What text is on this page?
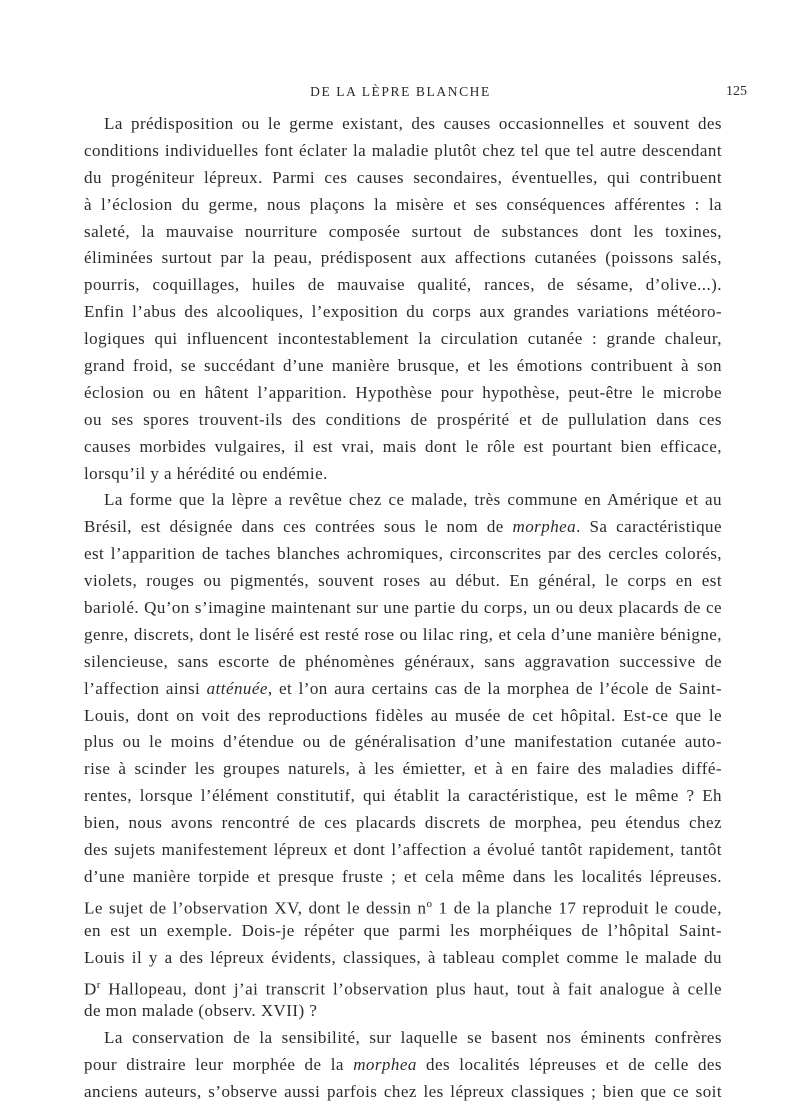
DE LA LÈPRE BLANCHE	125
La prédisposition ou le germe existant, des causes occasionnelles et souvent des
conditions individuelles font éclater la maladie plutôt chez tel que tel autre descendant
du progéniteur lépreux. Parmi ces causes secondaires, éventuelles, qui contribuent
à l’éclosion du germe, nous plaçons la misère et ses conséquences afférentes : la
saleté, la mauvaise nourriture composée surtout de substances dont les toxines,
éliminées surtout par la peau, prédisposent aux affections cutanées (poissons salés,
pourris, coquillages, huiles de mauvaise qualité, rances, de sésame, d’olive...).
Enfin l’abus des alcooliques, l’exposition du corps aux grandes variations météoro-
logiques qui influencent incontestablement la circulation cutanée : grande chaleur,
grand froid, se succédant d’une manière brusque, et les émotions contribuent à son
éclosion ou en hâtent l’apparition. Hypothèse pour hypothèse, peut-être le microbe
ou ses spores trouvent-ils des conditions de prospérité et de pullulation dans ces
causes morbides vulgaires, il est vrai, mais dont le rôle est pourtant bien efficace,
lorsqu’il y a hérédité ou endémie.
La forme que la lèpre a revêtue chez ce malade, très commune en Amérique et au
Brésil, est désignée dans ces contrées sous le nom de morphea. Sa caractéristique
est l’apparition de taches blanches achromiques, circonscrites par des cercles colorés,
violets, rouges ou pigmentés, souvent roses au début. En général, le corps en est
bariolé. Qu’on s’imagine maintenant sur une partie du corps, un ou deux placards de ce
genre, discrets, dont le liséré est resté rose ou lilac ring, et cela d’une manière bénigne,
silencieuse, sans escorte de phénomènes généraux, sans aggravation successive de
l’affection ainsi atténuée, et l’on aura certains cas de la morphea de l’école de Saint-
Louis, dont on voit des reproductions fidèles au musée de cet hôpital. Est-ce que le
plus ou le moins d’étendue ou de généralisation d’une manifestation cutanée auto-
rise à scinder les groupes naturels, à les émietter, et à en faire des maladies diffé-
rentes, lorsque l’élément constitutif, qui établit la caractéristique, est le même ? Eh
bien, nous avons rencontré de ces placards discrets de morphea, peu étendus chez
des sujets manifestement lépreux et dont l’affection a évolué tantôt rapidement, tantôt
d’une manière torpide et presque fruste ; et cela même dans les localités lépreuses.
Le sujet de l’observation XV, dont le dessin $n^o$ 1 de la planche 17 reproduit le coude,
en est un exemple. Dois-je répéter que parmi les morphéiques de l’hôpital Saint-
Louis il y a des lépreux évidents, classiques, à tableau complet comme le malade du
$D^r$ Hallopeau, dont j’ai transcrit l’observation plus haut, tout à fait analogue à celle
de mon malade (observ. XVII) ?
La conservation de la sensibilité, sur laquelle se basent nos éminents confrères
pour distraire leur morphée de la morphea des localités lépreuses et de celle des
anciens auteurs, s’observe aussi parfois chez les lépreux classiques ; bien que ce soit
